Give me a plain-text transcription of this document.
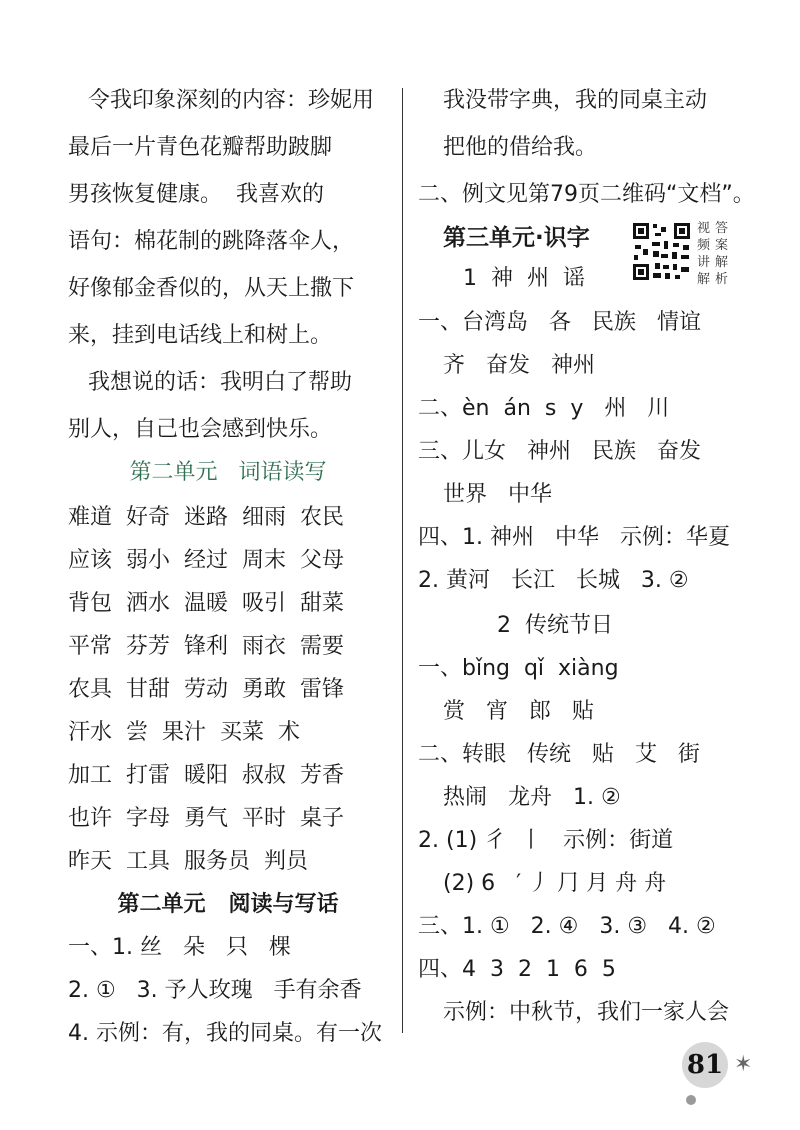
令我印象深刻的内容：珍妮用
最后一片青色花瓣帮助跛脚
男孩恢复健康。  我喜欢的
语句：棉花制的跳降落伞人，
好像郁金香似的，从天上撒下
来，挂到电话线上和树上。
我想说的话：我明白了帮助
别人，自己也会感到快乐。
第二单元   词语读写
难道  好奇  迷路  细雨  农民
应该  弱小  经过  周末  父母
背包  洒水  温暖  吸引  甜菜
平常  芬芳  锋利  雨衣  需要
农具  甘甜  劳动  勇敢  雷锋
汗水  尝  果汁  买菜  术
加工  打雷  暖阳  叔叔  芳香
也许  字母  勇气  平时  桌子
昨天  工具  服务员  判员
第二单元   阅读与写话
一、1. 丝   朵   只   棵
2. ①   3. 予人玫瑰   手有余香
4. 示例：有，我的同桌。有一次
我没带字典，我的同桌主动
把他的借给我。
二、例文见第79页二维码“文档”。
第三单元·识字	视频讲解
答案解析
1  神  州  谣
一、台湾岛   各   民族   情谊
齐   奋发   神州
二、èn  án  s  y   州   川
三、儿女   神州   民族   奋发
世界   中华
四、1. 神州   中华   示例：华夏
2. 黄河   长江   长城   3. ②
2  传统节日
一、bǐng  qǐ  xiàng
赏   宵   郎   贴
二、转眼   传统   贴   艾   街
热闹   龙舟   1. ②
2. (1) 彳  丨   示例：街道
(2) 6   ′ 丿 ⺆ 月 舟 舟
三、1. ①   2. ④   3. ③   4. ②
四、4  3  2  1  6  5
示例：中秋节，我们一家人会
81 ✶
